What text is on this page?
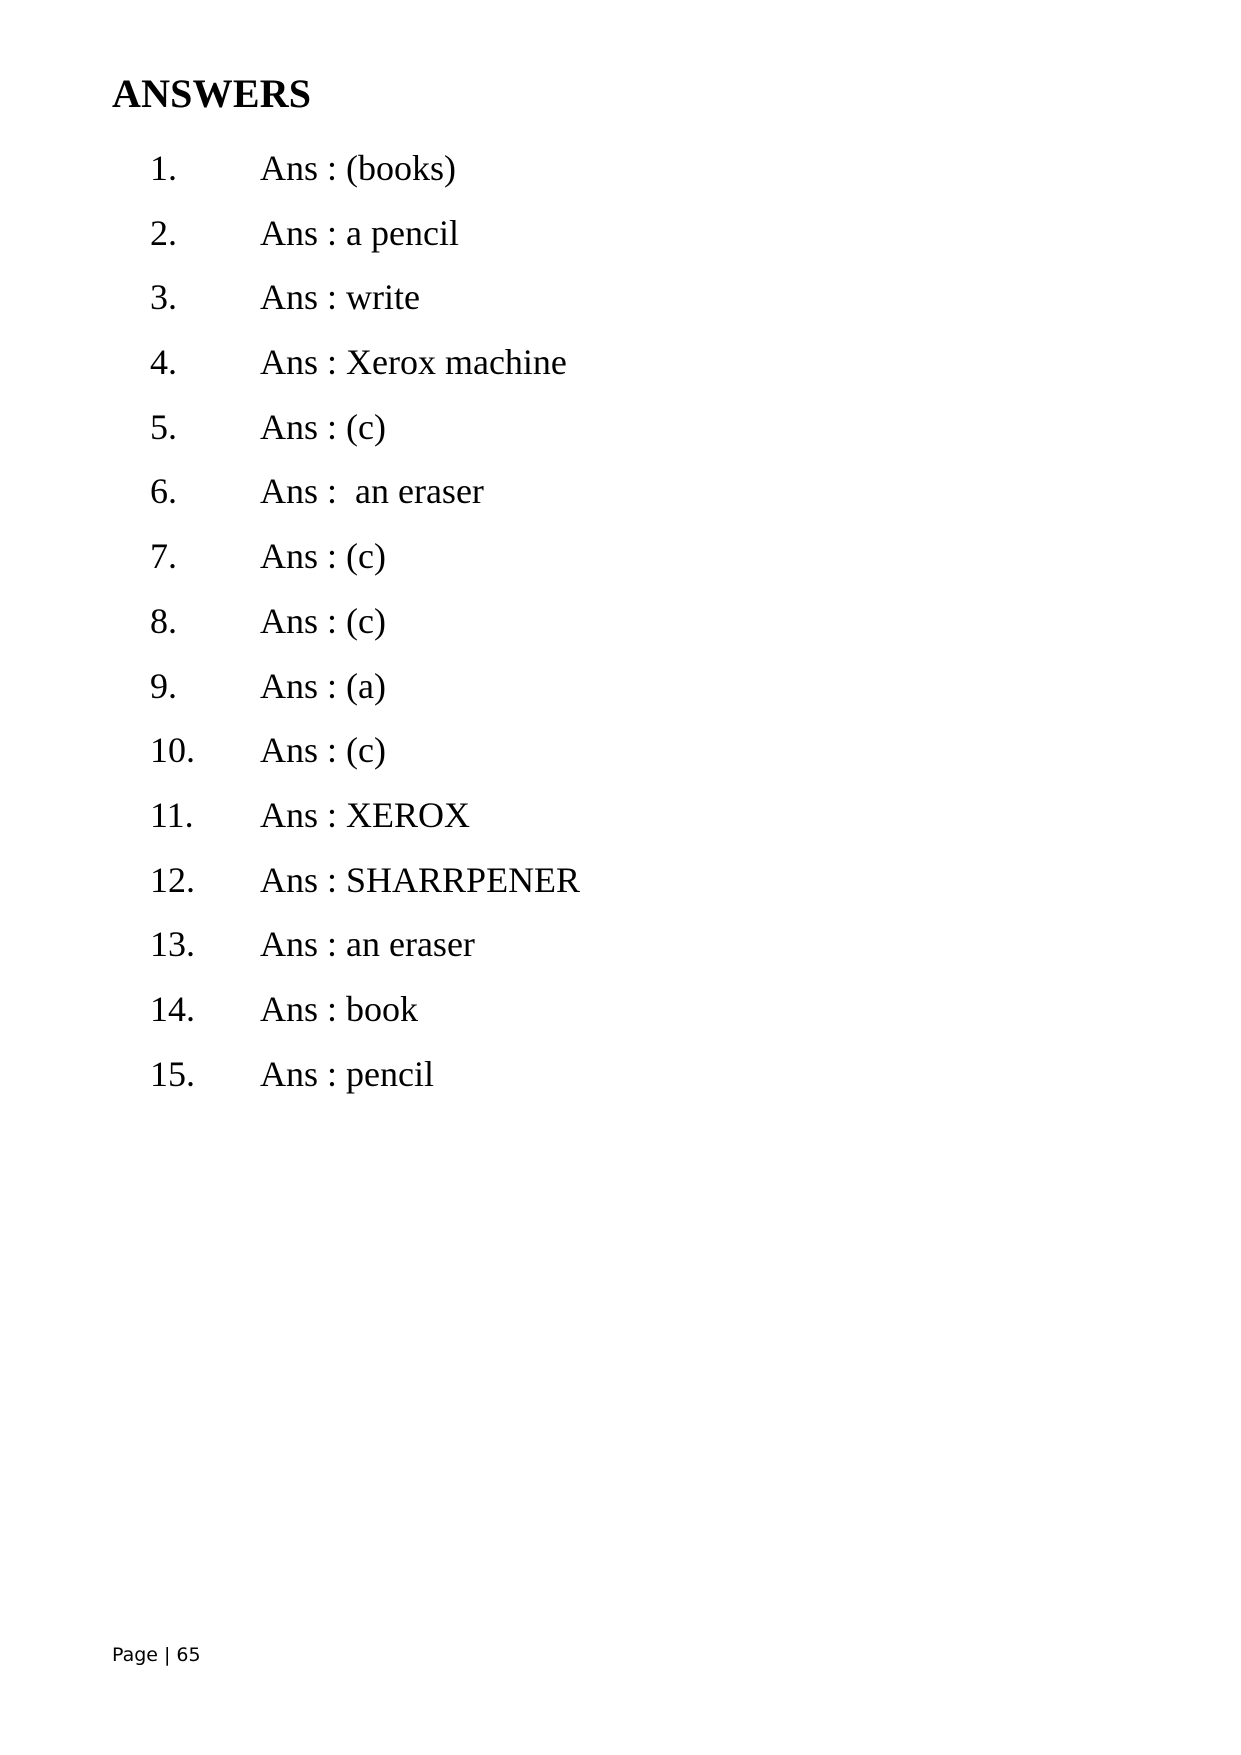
ANSWERS
1. Ans : (books)
2. Ans : a pencil
3. Ans : write
4. Ans : Xerox machine
5. Ans : (c)
6. Ans :  an eraser
7. Ans : (c)
8. Ans : (c)
9. Ans : (a)
10. Ans : (c)
11. Ans : XEROX
12. Ans : SHARRPENER
13. Ans : an eraser
14. Ans : book
15. Ans : pencil
Page | 65
